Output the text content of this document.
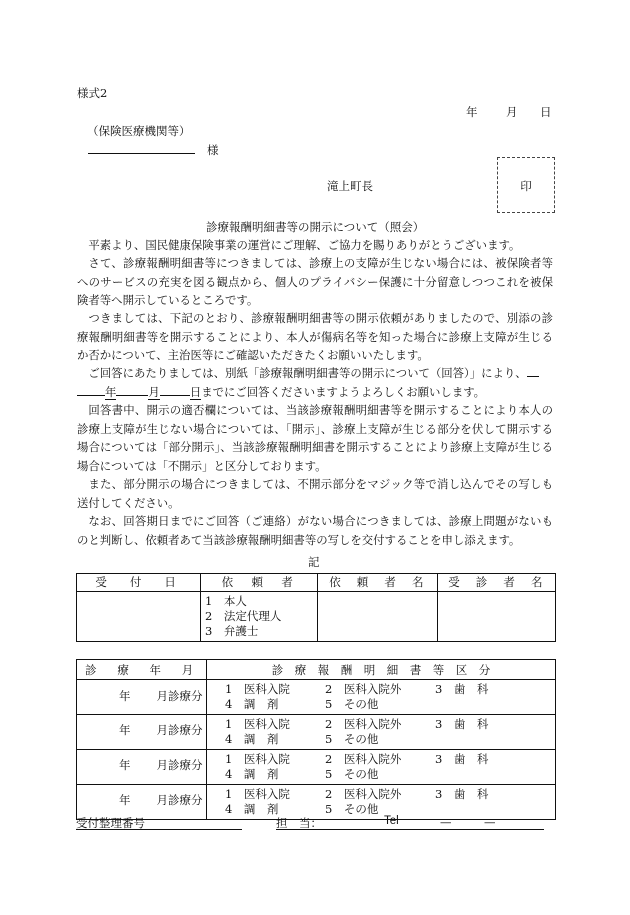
様式2
年 月 日
（保険医療機関等）
様
滝上町長	印
診療報酬明細書等の開示について（照会）
平素より、国民健康保険事業の運営にご理解、ご協力を賜りありがとうございます。
さて、診療報酬明細書等につきましては、診療上の支障が生じない場合には、被保険者等へのサービスの充実を図る観点から、個人のプライバシー保護に十分留意しつつこれを被保険者等へ開示しているところです。
つきましては、下記のとおり、診療報酬明細書等の開示依頼がありましたので、別添の診療報酬明細書等を開示することにより、本人が傷病名等を知った場合に診療上支障が生じるか否かについて、主治医等にご確認いただきたくお願いいたします。
ご回答にあたりましては、別紙「診療報酬明細書等の開示について（回答）」により、
年	月	日までにご回答くださいますようよろしくお願いします。
回答書中、開示の適否欄については、当該診療報酬明細書等を開示することにより本人の診療上支障が生じない場合については、「開示」、診療上支障が生じる部分を伏して開示する場合については「部分開示」、当該診療報酬明細書を開示することにより診療上支障が生じる場合については「不開示」と区分しております。
また、部分開示の場合につきましては、不開示部分をマジック等で消し込んでその写しも送付してください。
なお、回答期日までにご回答（ご連絡）がない場合につきましては、診療上問題がないものと判断し、依頼者あて当該診療報酬明細書等の写しを交付することを申し添えます。
記
受　付　日	依　頼　者	依　頼　者　名	受　診　者　名

	1　本人
2　法定代理人
3　弁護士		

診　療　年　月	診　療　報　酬　明　細　書　等　区　分

年 月診療分	1　医科入院 2　医科入院外 3　歯　科
4　調　剤 5　その他

年 月診療分	1　医科入院 2　医科入院外 3　歯　科
4　調　剤 5　その他

年 月診療分	1　医科入院 2　医科入院外 3　歯　科
4　調　剤 5　その他

年 月診療分	1　医科入院 2　医科入院外 3　歯　科
4　調　剤 5　その他
受付整理番号	担　当：	Tel	—	—
